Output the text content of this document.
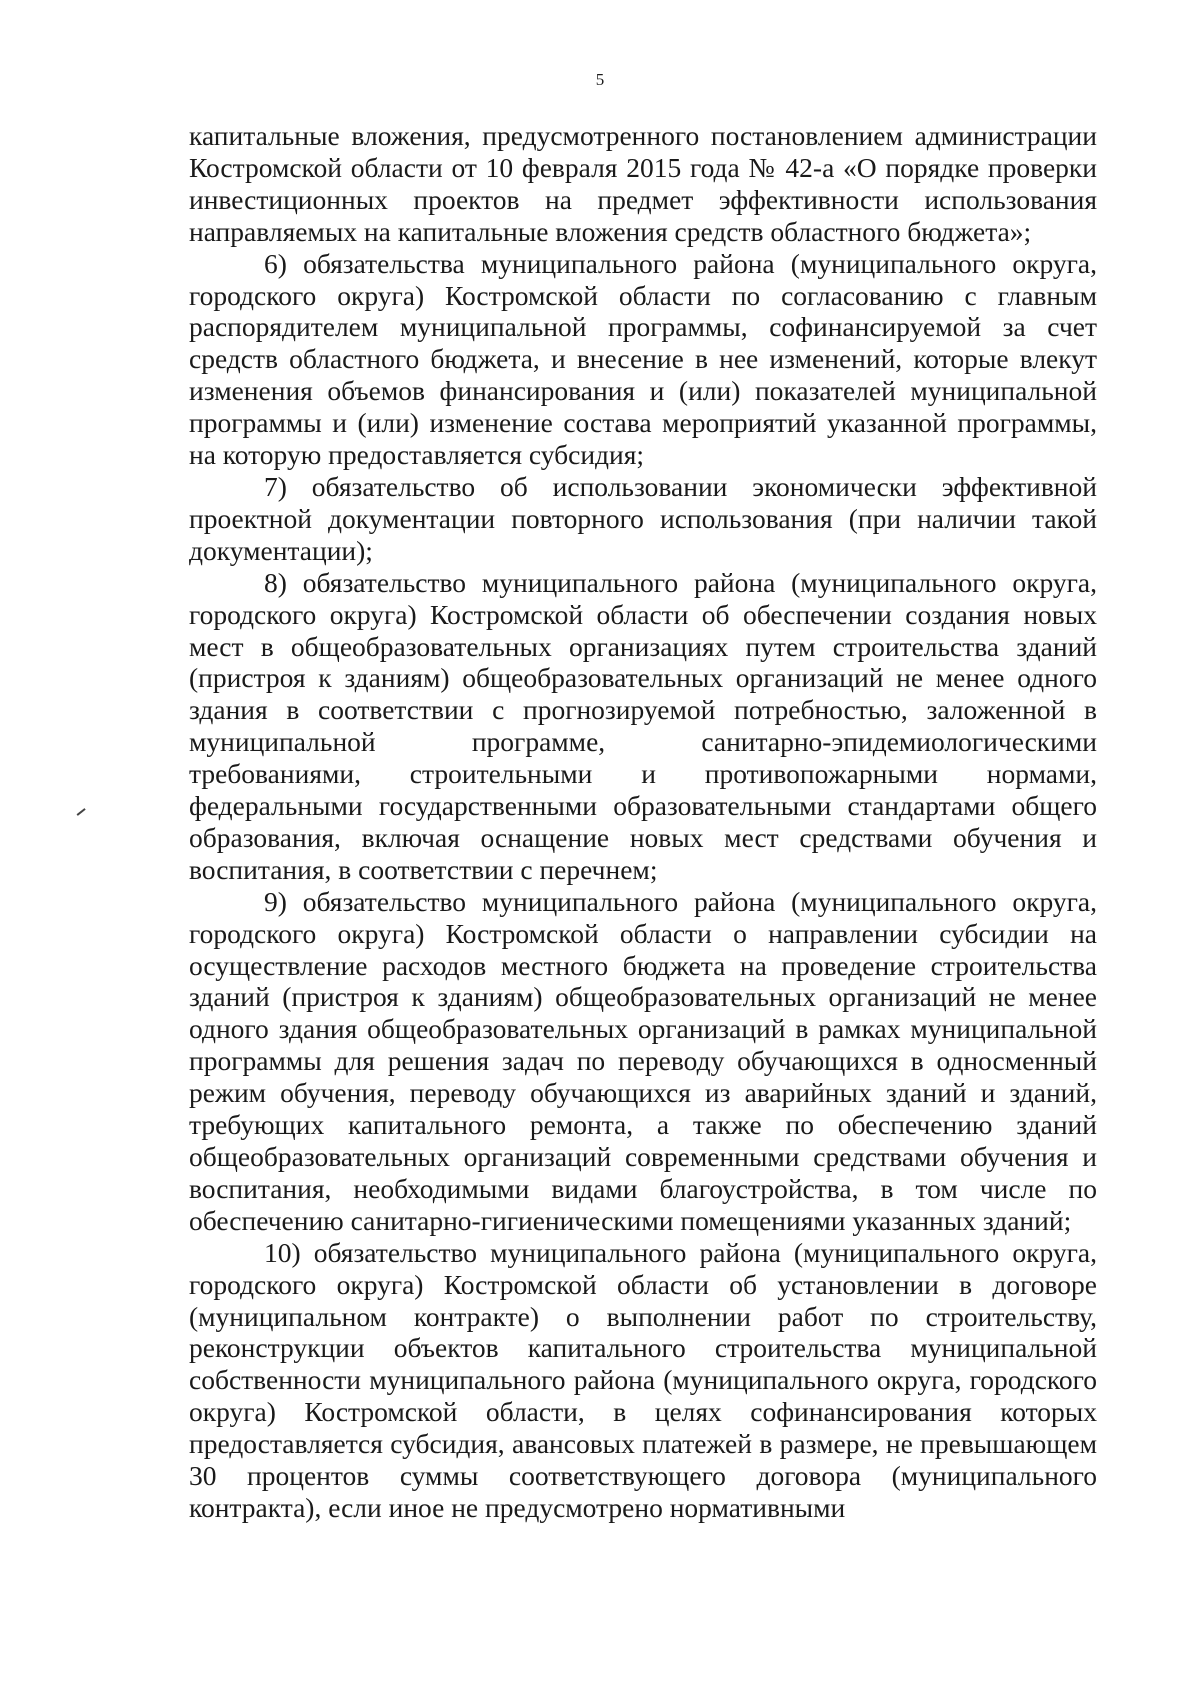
5

капитальные вложения, предусмотренного постановлением администрации Костромской области от 10 февраля 2015 года № 42-а «О порядке проверки инвестиционных проектов на предмет эффективности использования направляемых на капитальные вложения средств областного бюджета»;

6) обязательства муниципального района (муниципального округа, городского округа) Костромской области по согласованию с главным распорядителем муниципальной программы, софинансируемой за счет средств областного бюджета, и внесение в нее изменений, которые влекут изменения объемов финансирования и (или) показателей муниципальной программы и (или) изменение состава мероприятий указанной программы, на которую предоставляется субсидия;

7) обязательство об использовании экономически эффективной проектной документации повторного использования (при наличии такой документации);

8) обязательство муниципального района (муниципального округа, городского округа) Костромской области об обеспечении создания новых мест в общеобразовательных организациях путем строительства зданий (пристроя к зданиям) общеобразовательных организаций не менее одного здания в соответствии с прогнозируемой потребностью, заложенной в муниципальной программе, санитарно-эпидемиологическими требованиями, строительными и противопожарными нормами, федеральными государственными образовательными стандартами общего образования, включая оснащение новых мест средствами обучения и воспитания, в соответствии с перечнем;

9) обязательство муниципального района (муниципального округа, городского округа) Костромской области о направлении субсидии на осуществление расходов местного бюджета на проведение строительства зданий (пристроя к зданиям) общеобразовательных организаций не менее одного здания общеобразовательных организаций в рамках муниципальной программы для решения задач по переводу обучающихся в односменный режим обучения, переводу обучающихся из аварийных зданий и зданий, требующих капитального ремонта, а также по обеспечению зданий общеобразовательных организаций современными средствами обучения и воспитания, необходимыми видами благоустройства, в том числе по обеспечению санитарно-гигиеническими помещениями указанных зданий;

10) обязательство муниципального района (муниципального округа, городского округа) Костромской области об установлении в договоре (муниципальном контракте) о выполнении работ по строительству, реконструкции объектов капитального строительства муниципальной собственности муниципального района (муниципального округа, городского округа) Костромской области, в целях софинансирования которых предоставляется субсидия, авансовых платежей в размере, не превышающем 30 процентов суммы соответствующего договора (муниципального контракта), если иное не предусмотрено нормативными
